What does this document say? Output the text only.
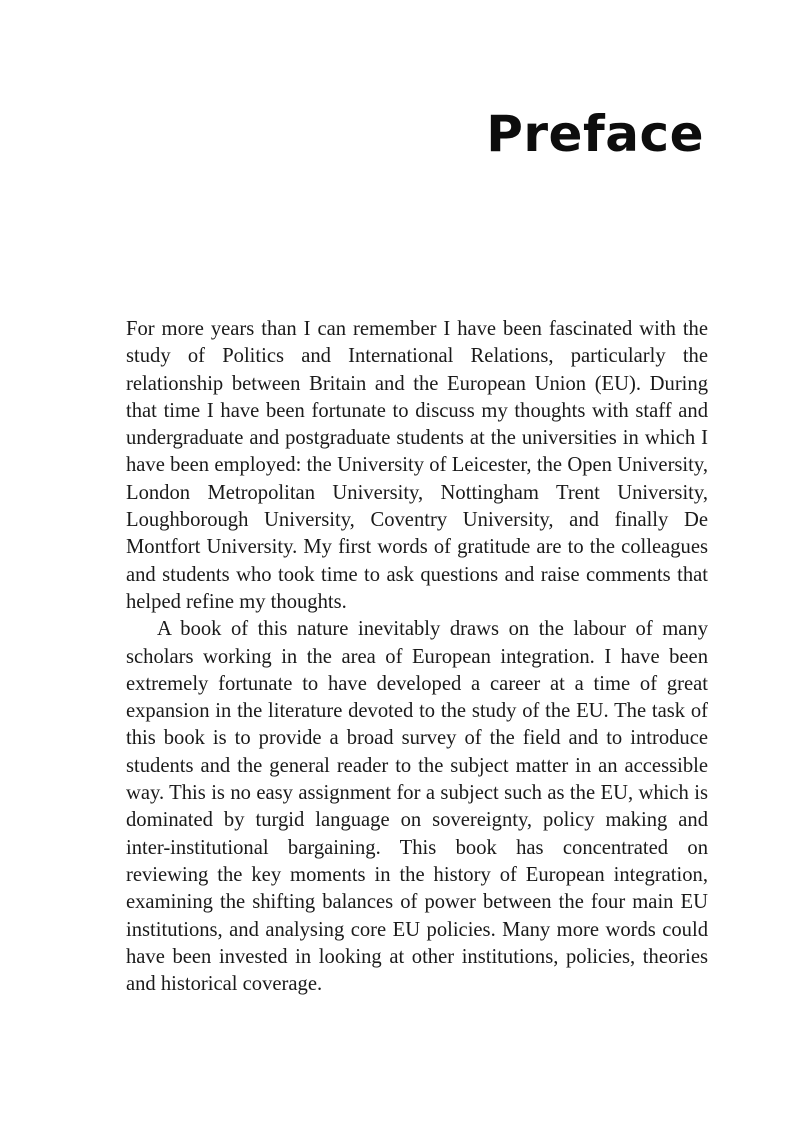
Preface

For more years than I can remember I have been fascinated with the study of Politics and International Relations, particularly the relationship between Britain and the European Union (EU). During that time I have been fortunate to discuss my thoughts with staff and undergraduate and postgraduate students at the universities in which I have been employed: the University of Leicester, the Open University, London Metropolitan University, Nottingham Trent University, Loughborough University, Coventry University, and finally De Montfort University. My first words of gratitude are to the colleagues and students who took time to ask questions and raise comments that helped refine my thoughts.

A book of this nature inevitably draws on the labour of many scholars working in the area of European integration. I have been extremely fortunate to have developed a career at a time of great expansion in the literature devoted to the study of the EU. The task of this book is to provide a broad survey of the field and to introduce students and the general reader to the subject matter in an accessible way. This is no easy assignment for a subject such as the EU, which is dominated by turgid language on sovereignty, policy making and inter-institutional bargaining. This book has concentrated on reviewing the key moments in the history of European integration, examining the shifting balances of power between the four main EU institutions, and analysing core EU policies. Many more words could have been invested in looking at other institutions, policies, theories and historical coverage.
